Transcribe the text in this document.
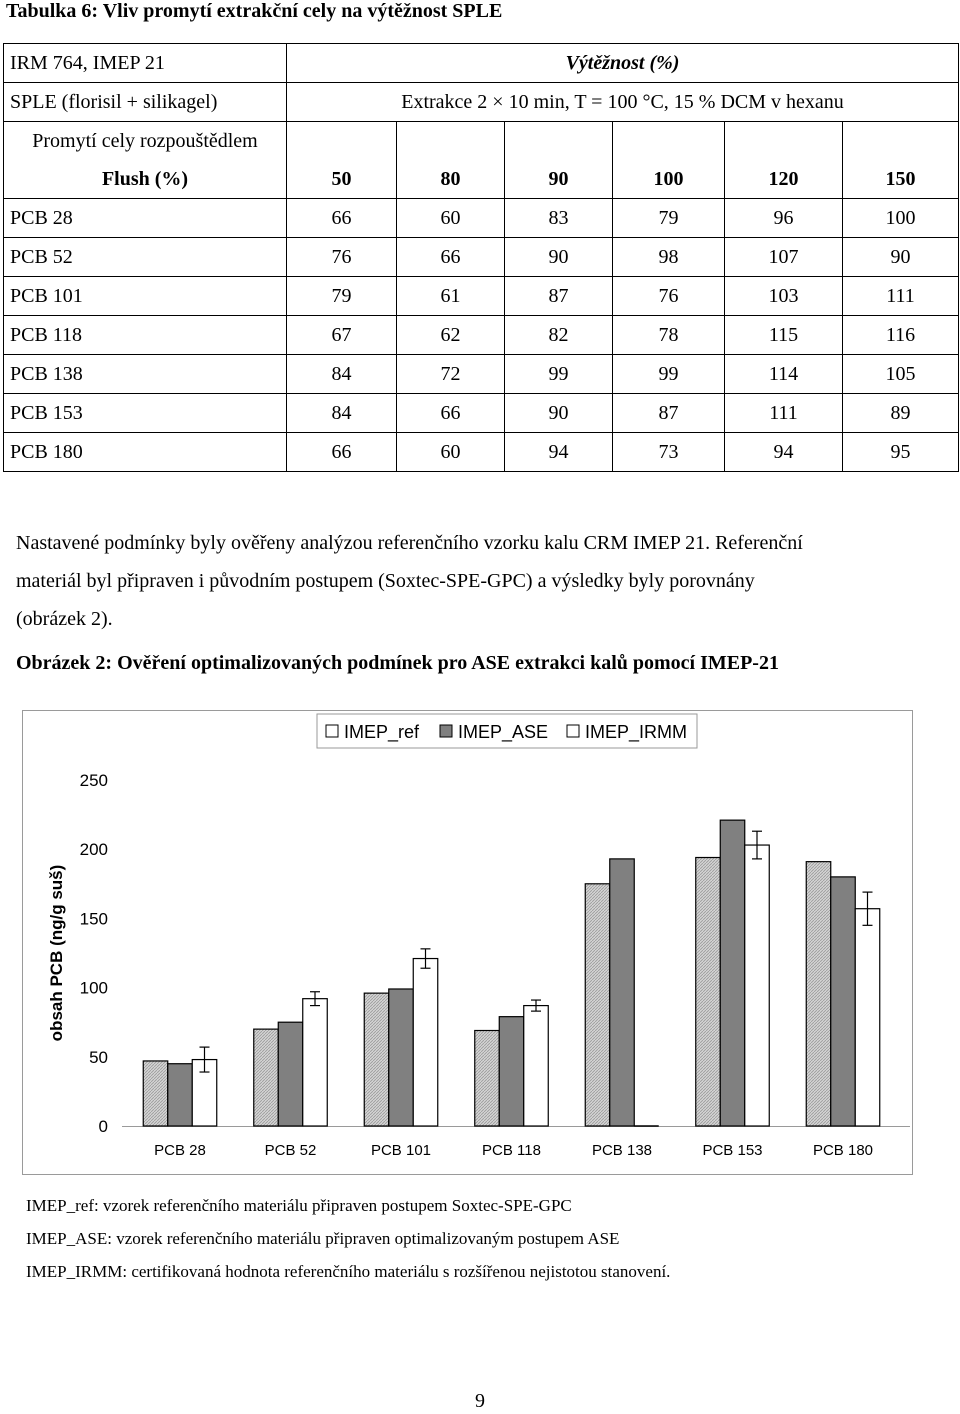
Tabulka 6: Vliv promytí extrakční cely na výtěžnost SPLE
IRM 764, IMEP 21	Výtěžnost (%)					
SPLE (florisil + silikagel)	Extrakce 2 × 10 min, T = 100 °C, 15 % DCM v hexanu					

Promytí cely rozpouštědlem
Flush (%)						

	50	80	90	100	120	150
PCB 28	66	60	83	79	96	100
PCB 52	76	66	90	98	107	90
PCB 101	79	61	87	76	103	111
PCB 118	67	62	82	78	115	116
PCB 138	84	72	99	99	114	105
PCB 153	84	66	90	87	111	89
PCB 180	66	60	94	73	94	95
Nastavené podmínky byly ověřeny analýzou referenčního vzorku kalu CRM IMEP 21. Referenční
materiál byl připraven i původním postupem (Soxtec-SPE-GPC) a výsledky byly porovnány
(obrázek 2).
Obrázek 2: Ověření optimalizovaných podmínek pro ASE extrakci kalů pomocí IMEP-21
0
50
100
150
200
250
obsah PCB (ng/g suš)
PCB 28	PCB 52	PCB 101	PCB 118	PCB 138	PCB 153	PCB 180
IMEP_ref IMEP_ASE IMEP_IRMM
IMEP_ref: vzorek referenčního materiálu připraven postupem Soxtec-SPE-GPC
IMEP_ASE: vzorek referenčního materiálu připraven optimalizovaným postupem ASE
IMEP_IRMM: certifikovaná hodnota referenčního materiálu s rozšířenou nejistotou stanovení.
9
